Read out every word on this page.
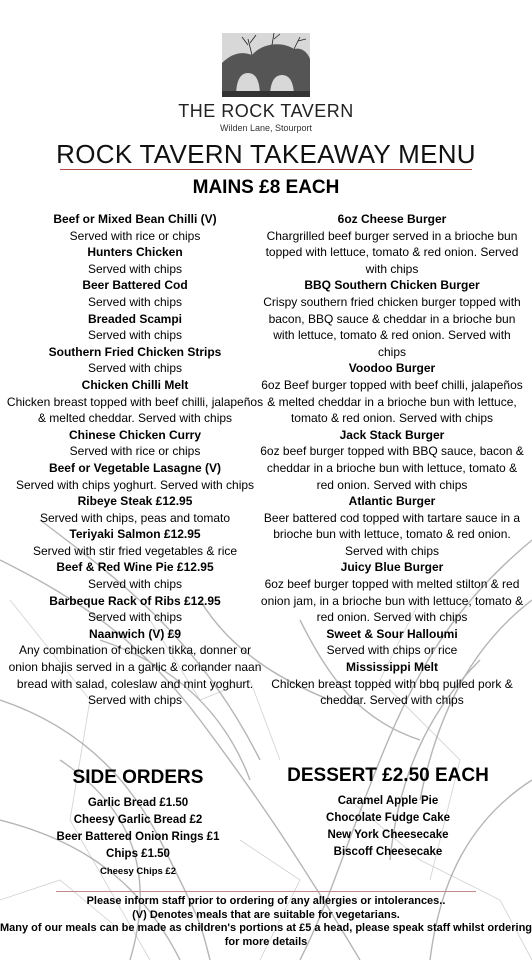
THE ROCK TAVERN
Wilden Lane, Stourport
ROCK TAVERN TAKEAWAY MENU
MAINS £8 EACH
Beef or Mixed Bean Chilli (V)
Served with rice or chips
Hunters Chicken
Served with chips
Beer Battered Cod
Served with chips
Breaded Scampi
Served with chips
Southern Fried Chicken Strips
Served with chips
Chicken Chilli Melt
Chicken breast topped with beef chilli, jalapeños & melted cheddar. Served with chips
Chinese Chicken Curry
Served with rice or chips
Beef or Vegetable Lasagne (V)
Served with chips yoghurt. Served with chips
Ribeye Steak £12.95
Served with chips, peas and tomato
Teriyaki Salmon £12.95
Served with stir fried vegetables & rice
Beef & Red Wine Pie £12.95
Served with chips
Barbeque Rack of Ribs £12.95
Served with chips
Naanwich (V) £9
Any combination of chicken tikka, donner or onion bhajis served in a garlic & coriander naan bread with salad, coleslaw and mint yoghurt. Served with chips
6oz Cheese Burger
Chargrilled beef burger served in a brioche bun topped with lettuce, tomato & red onion. Served with chips
BBQ Southern Chicken Burger
Crispy southern fried chicken burger topped with bacon, BBQ sauce & cheddar in a brioche bun with lettuce, tomato & red onion. Served with chips
Voodoo Burger
6oz Beef burger topped with beef chilli, jalapeños & melted cheddar in a brioche bun with lettuce, tomato & red onion. Served with chips
Jack Stack Burger
6oz beef burger topped with BBQ sauce, bacon & cheddar in a brioche bun with lettuce, tomato & red onion. Served with chips
Atlantic Burger
Beer battered cod topped with tartare sauce in a brioche bun with lettuce, tomato & red onion. Served with chips
Juicy Blue Burger
6oz beef burger topped with melted stilton & red onion jam, in a brioche bun with lettuce, tomato & red onion. Served with chips
Sweet & Sour Halloumi
Served with chips or rice
Mississippi Melt
Chicken breast topped with bbq pulled pork & cheddar. Served with chips
SIDE ORDERS
Garlic Bread £1.50
Cheesy Garlic Bread £2
Beer Battered Onion Rings £1
Chips £1.50
Cheesy Chips £2
DESSERT £2.50 EACH
Caramel Apple Pie
Chocolate Fudge Cake
New York Cheesecake
Biscoff Cheesecake
Please inform staff prior to ordering of any allergies or intolerances..
(V) Denotes meals that are suitable for vegetarians.
Many of our meals can be made as children's portions at £5 a head, please speak staff whilst ordering for more details
